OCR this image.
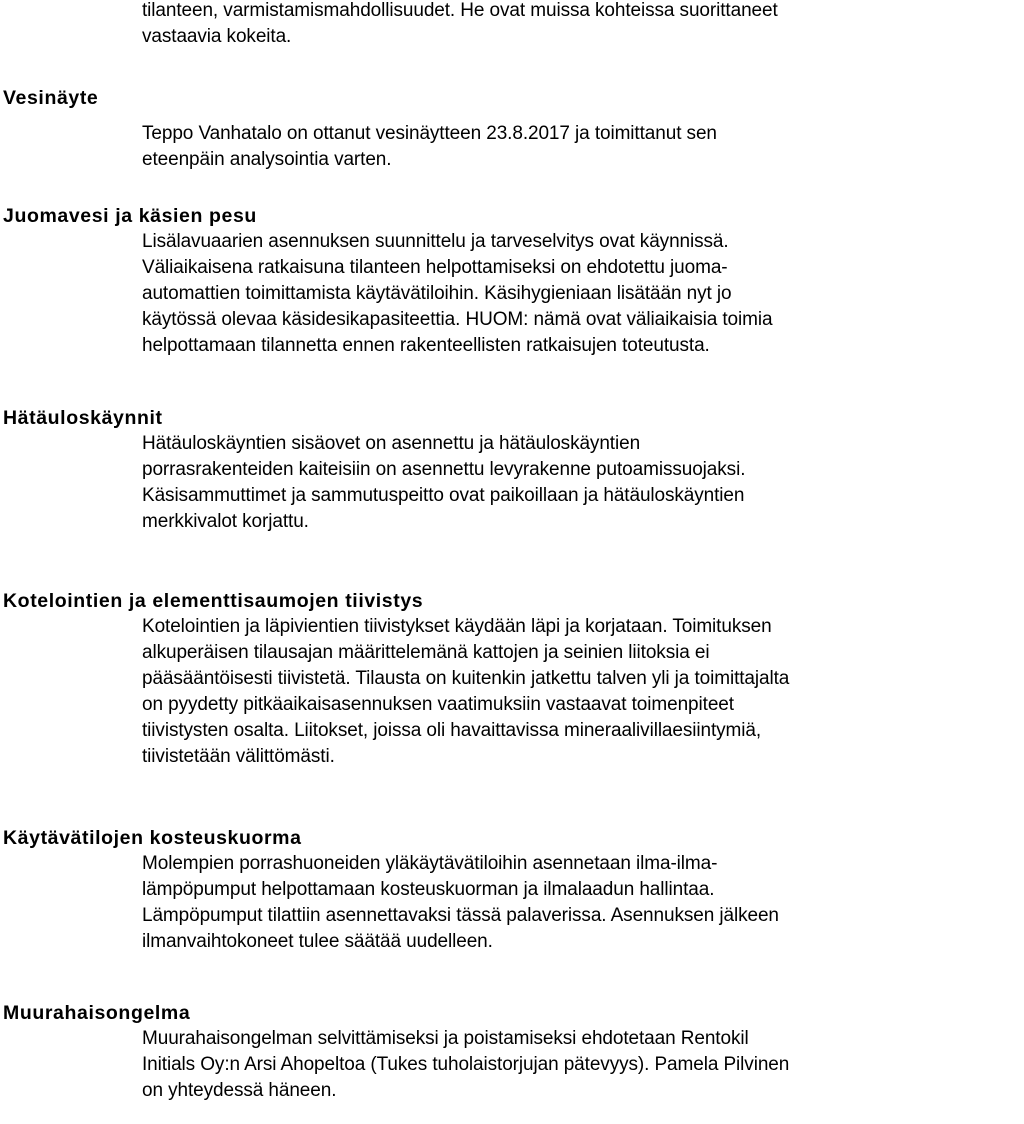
tilanteen, varmistamismahdollisuudet. He ovat muissa kohteissa suorittaneet
vastaavia kokeita.
Vesinäyte
Teppo Vanhatalo on ottanut vesinäytteen 23.8.2017 ja toimittanut sen
eteenpäin analysointia varten.
Juomavesi ja käsien pesu
Lisälavuaarien asennuksen suunnittelu ja tarveselvitys ovat käynnissä.
Väliaikaisena ratkaisuna tilanteen helpottamiseksi on ehdotettu juoma-
automattien toimittamista käytävätiloihin. Käsihygieniaan lisätään nyt jo
käytössä olevaa käsidesikapasiteettia. HUOM: nämä ovat väliaikaisia toimia
helpottamaan tilannetta ennen rakenteellisten ratkaisujen toteutusta.
Hätäuloskäynnit
Hätäuloskäyntien sisäovet on asennettu ja hätäuloskäyntien
porrasrakenteiden kaiteisiin on asennettu levyrakenne putoamissuojaksi.
Käsisammuttimet ja sammutuspeitto ovat paikoillaan ja hätäuloskäyntien
merkkivalot korjattu.
Kotelointien ja elementtisaumojen tiivistys
Kotelointien ja läpivientien tiivistykset käydään läpi ja korjataan. Toimituksen
alkuperäisen tilausajan määrittelemänä kattojen ja seinien liitoksia ei
pääsääntöisesti tiivistetä. Tilausta on kuitenkin jatkettu talven yli ja toimittajalta
on pyydetty pitkäaikaisasennuksen vaatimuksiin vastaavat toimenpiteet
tiivistysten osalta. Liitokset, joissa oli havaittavissa mineraalivillaesiintymiä,
tiivistetään välittömästi.
Käytävätilojen kosteuskuorma
Molempien porrashuoneiden yläkäytävätiloihin asennetaan ilma-ilma-
lämpöpumput helpottamaan kosteuskuorman ja ilmalaadun hallintaa.
Lämpöpumput tilattiin asennettavaksi tässä palaverissa. Asennuksen jälkeen
ilmanvaihtokoneet tulee säätää uudelleen.
Muurahaisongelma
Muurahaisongelman selvittämiseksi ja poistamiseksi ehdotetaan Rentokil
Initials Oy:n Arsi Ahopeltoa (Tukes tuholaistorjujan pätevyys). Pamela Pilvinen
on yhteydessä häneen.
